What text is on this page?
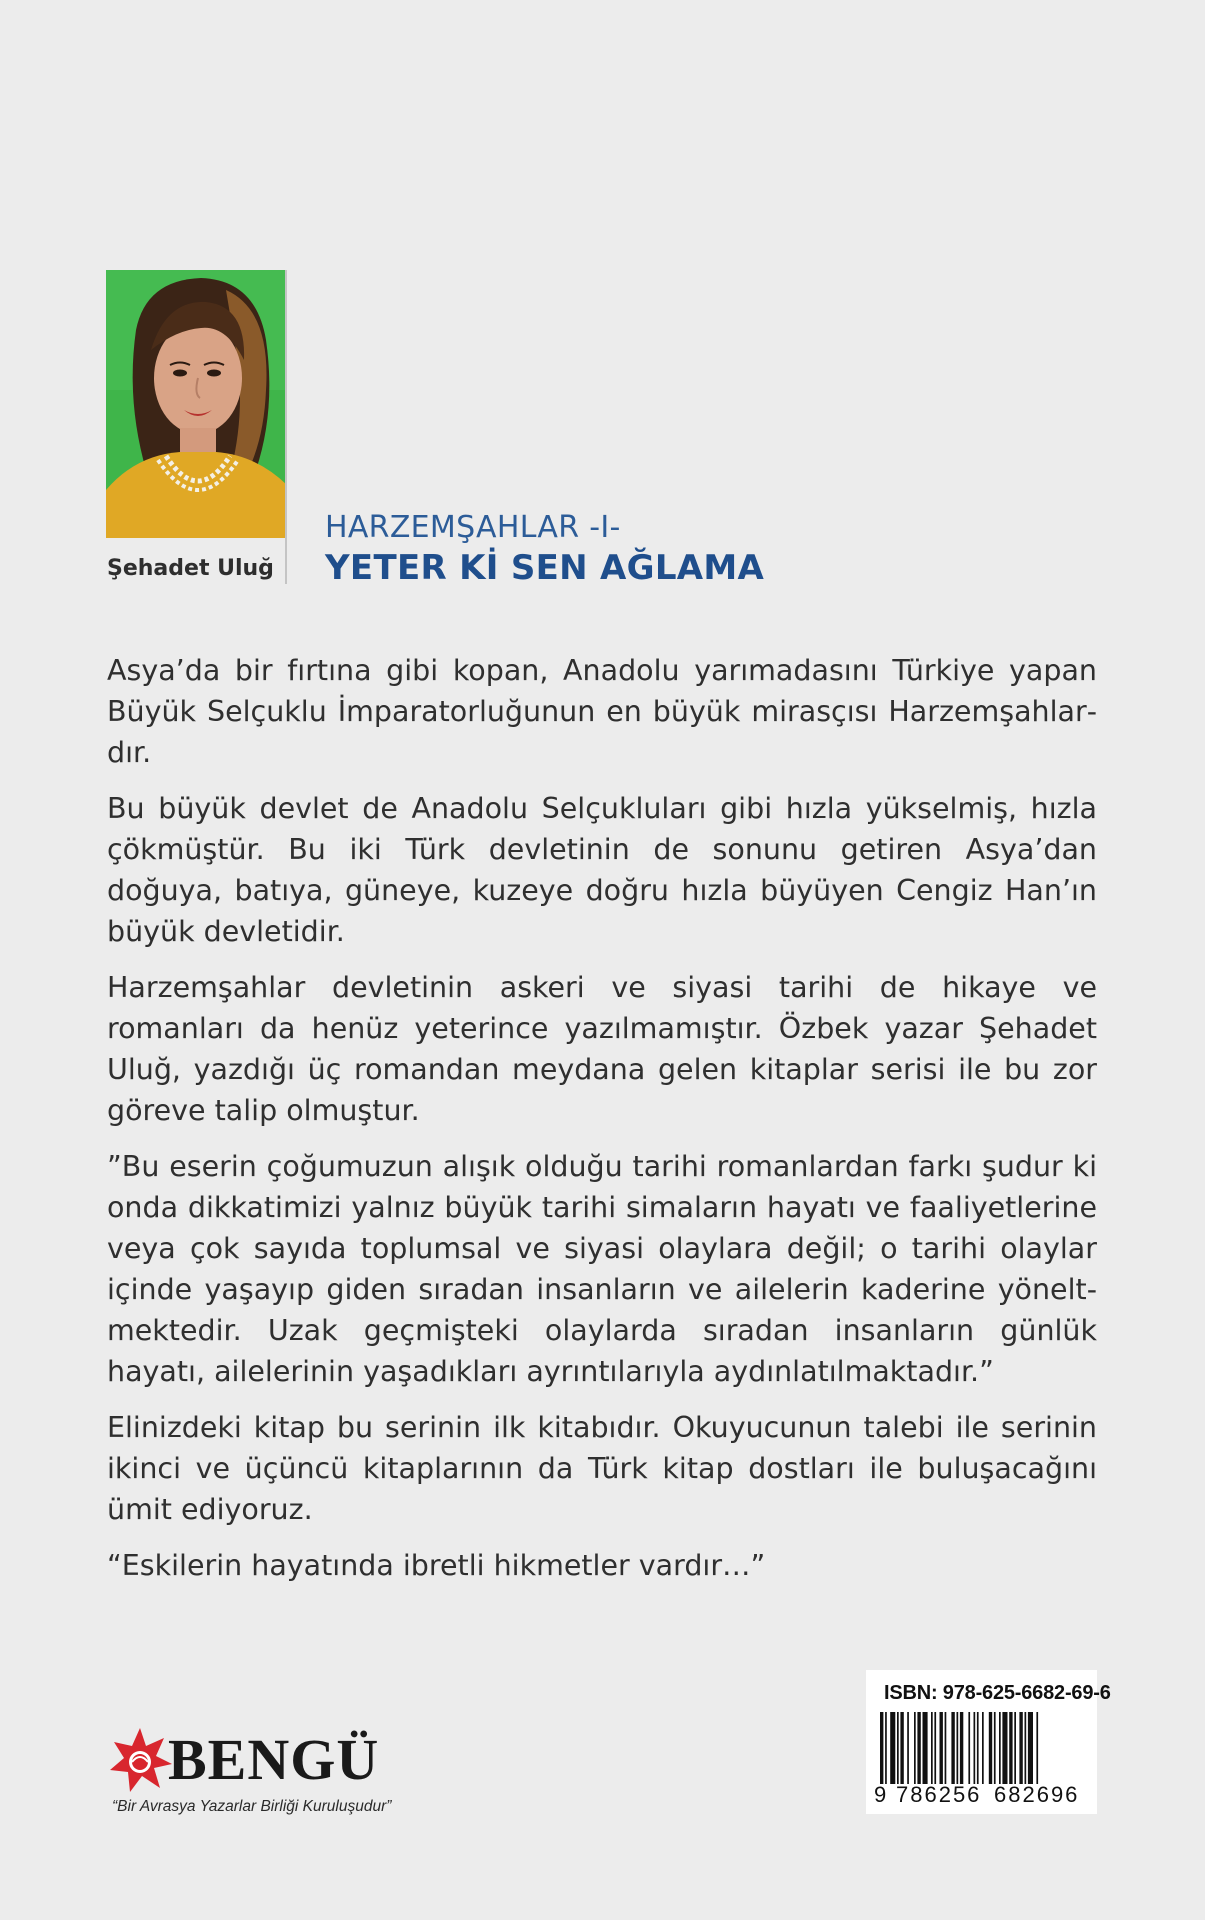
Şehadet Uluğ
HARZEMŞAHLAR -I-
YETER Kİ SEN AĞLAMA

Asya’da bir fırtına gibi kopan, Anadolu yarımadasını Türkiye yapan Büyük Selçuklu İmparatorluğunun en büyük mirasçısı Harzemşahlardır.

Bu büyük devlet de Anadolu Selçukluları gibi hızla yükselmiş, hızla çökmüştür. Bu iki Türk devletinin de sonunu getiren Asya’dan doğuya, batıya, güneye, kuzeye doğru hızla büyüyen Cengiz Han’ın büyük devletidir.

Harzemşahlar devletinin askeri ve siyasi tarihi de hikaye ve romanları da henüz yeterince yazılmamıştır. Özbek yazar Şehadet Uluğ, yazdığı üç romandan meydana gelen kitaplar serisi ile bu zor göreve talip olmuştur.

”Bu eserin çoğumuzun alışık olduğu tarihi romanlardan farkı şudur ki onda dikkatimizi yalnız büyük tarihi simaların hayatı ve faaliyetlerine veya çok sayıda toplumsal ve siyasi olaylara değil; o tarihi olaylar içinde yaşayıp giden sıradan insanların ve ailelerin kaderine yöneltmektedir. Uzak geçmişteki olaylarda sıradan insanların günlük hayatı, ailelerinin yaşadıkları ayrıntılarıyla aydınlatılmaktadır.”

Elinizdeki kitap bu serinin ilk kitabıdır. Okuyucunun talebi ile serinin ikinci ve üçüncü kitaplarının da Türk kitap dostları ile buluşacağını ümit ediyoruz.

“Eskilerin hayatında ibretli hikmetler vardır…”

BENGÜ
“Bir Avrasya Yazarlar Birliği Kuruluşudur”
ISBN: 978-625-6682-69-6
9 786256 682696
